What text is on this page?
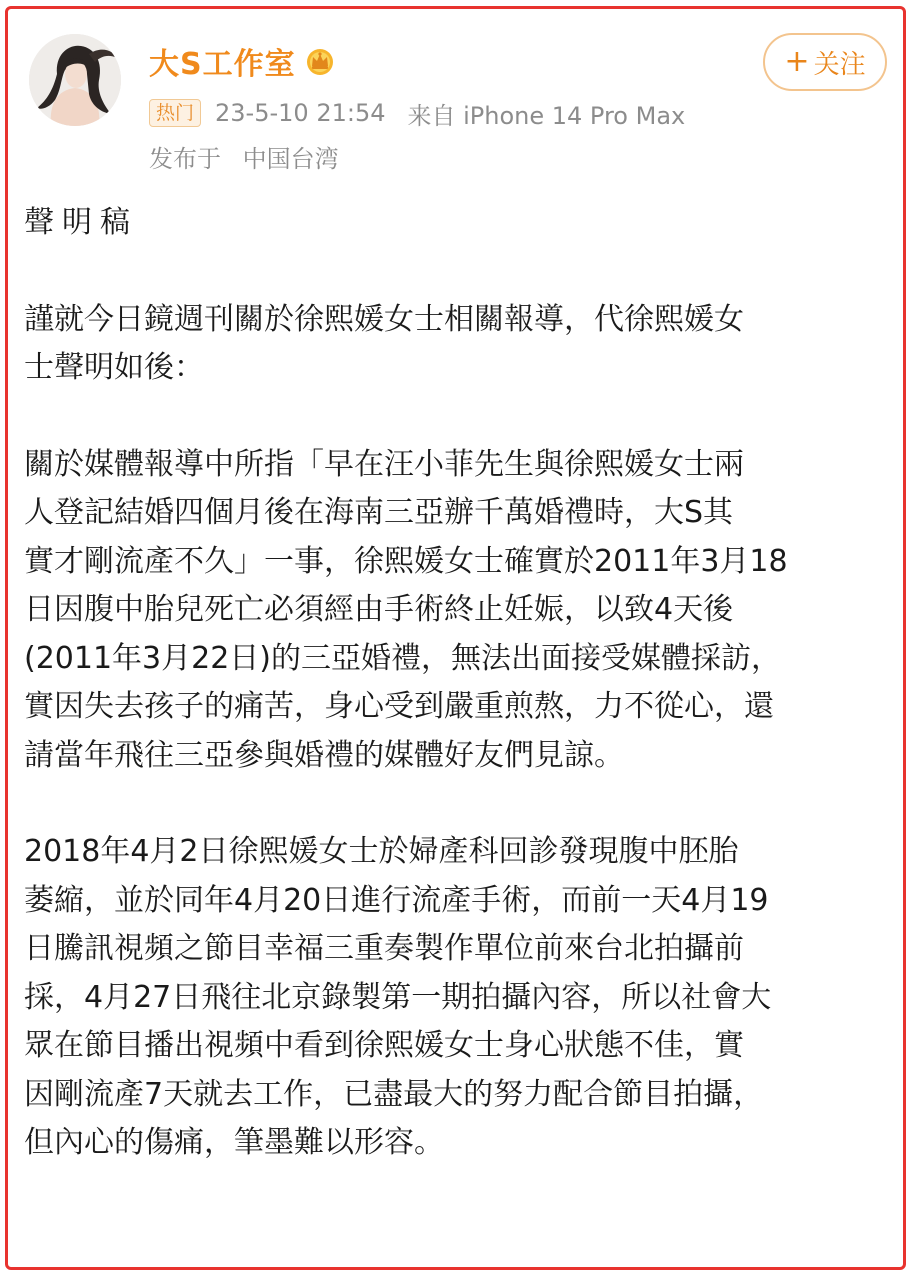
大S工作室	+ 关注
热门 23-5-10 21:54 来自 iPhone 14 Pro Max
发布于 中国台湾

聲明稿

謹就今日鏡週刊關於徐熙媛女士相關報導，代徐熙媛女
士聲明如後：

關於媒體報導中所指「早在汪小菲先生與徐熙媛女士兩
人登記結婚四個月後在海南三亞辦千萬婚禮時，大S其
實才剛流產不久」一事，徐熙媛女士確實於2011年3月18
日因腹中胎兒死亡必須經由手術終止妊娠，以致4天後
(2011年3月22日)的三亞婚禮，無法出面接受媒體採訪，
實因失去孩子的痛苦，身心受到嚴重煎熬，力不從心，還
請當年飛往三亞參與婚禮的媒體好友們見諒。

2018年4月2日徐熙媛女士於婦產科回診發現腹中胚胎
萎縮，並於同年4月20日進行流產手術，而前一天4月19
日騰訊視頻之節目幸福三重奏製作單位前來台北拍攝前
採，4月27日飛往北京錄製第一期拍攝內容，所以社會大
眾在節目播出視頻中看到徐熙媛女士身心狀態不佳，實
因剛流產7天就去工作，已盡最大的努力配合節目拍攝，
但內心的傷痛，筆墨難以形容。
